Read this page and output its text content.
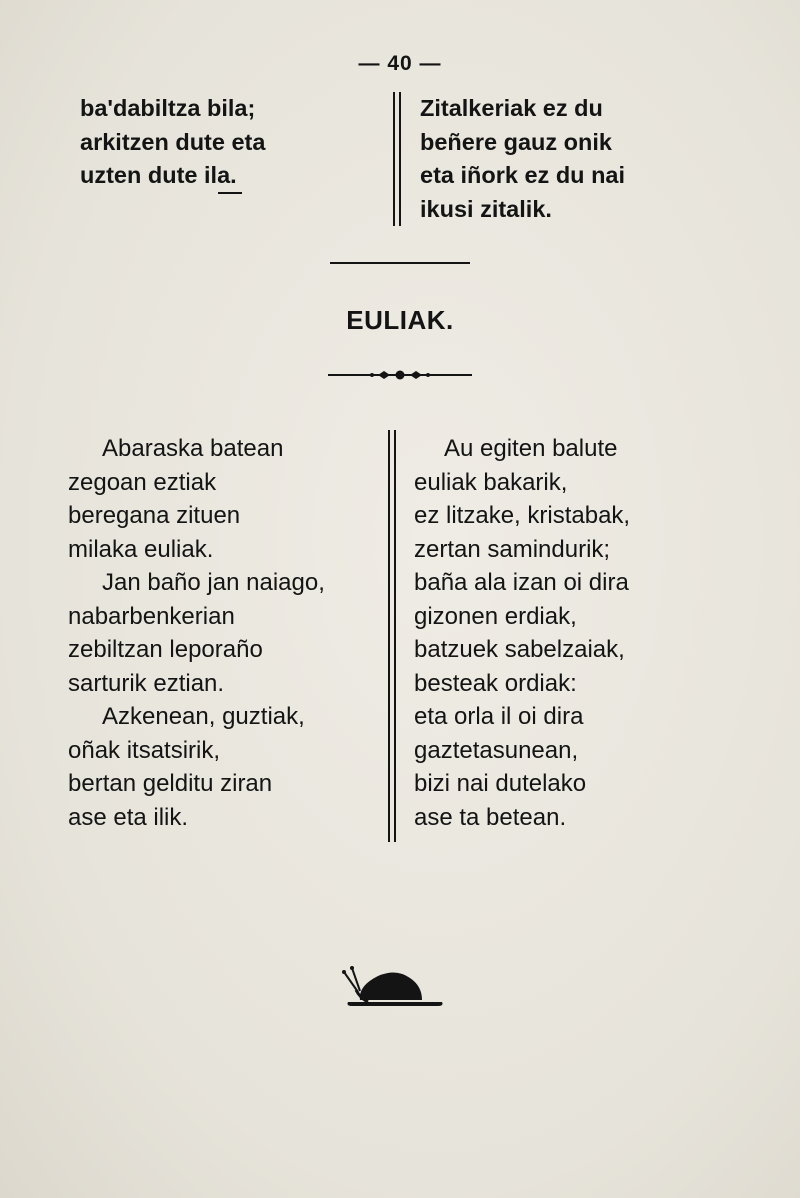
— 40 —
ba'dabiltza bila;
arkitzen dute eta
uzten dute ila.
Zitalkeriak ez du
beñere gauz onik
eta iñork ez du nai
ikusi zitalik.
EULIAK.
Abaraska batean
zegoan eztiak
beregana zituen
milaka euliak.
Jan baño jan naiago,
nabarbenkerian
zebiltzan leporaño
sarturik eztian.
Azkenean, guztiak,
oñak itsatsirik,
bertan gelditu ziran
ase eta ilik.
Au egiten balute
euliak bakarik,
ez litzake, kristabak,
zertan samindurik;
baña ala izan oi dira
gizonen erdiak,
batzuek sabelzaiak,
besteak ordiak:
eta orla il oi dira
gaztetasunean,
bizi nai dutelako
ase ta betean.
